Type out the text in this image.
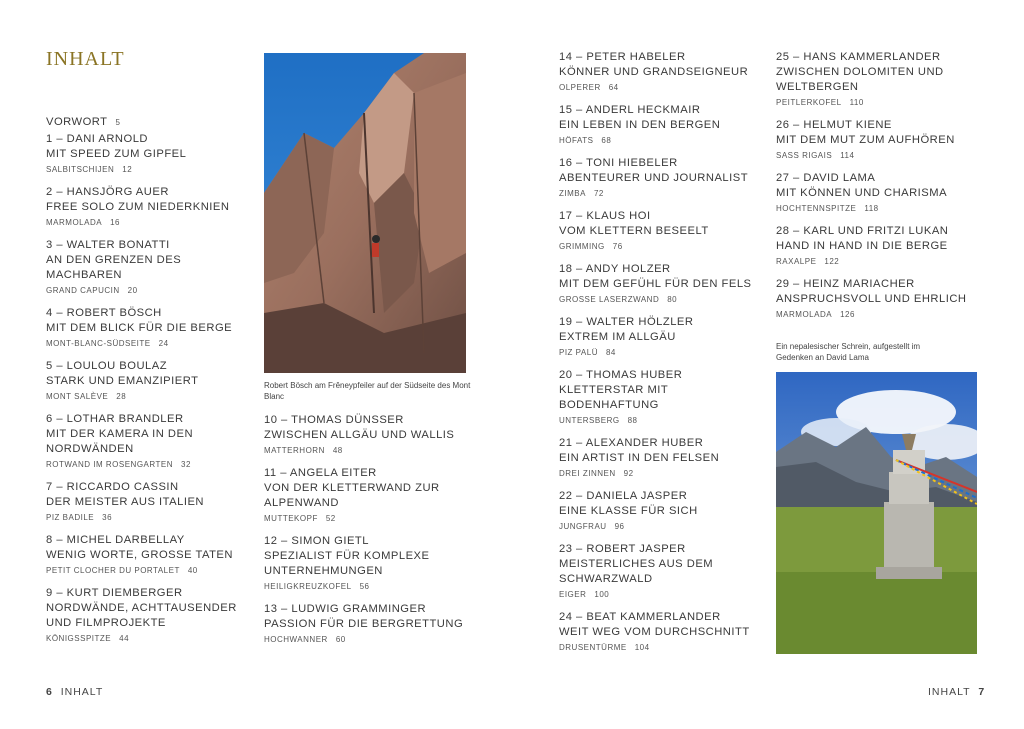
INHALT
VORWORT 5
1 – DANI ARNOLD
MIT SPEED ZUM GIPFEL
SALBITSCHIJEN 12
2 – HANSJÖRG AUER
FREE SOLO ZUM NIEDERKNIEN
MARMOLADA 16
3 – WALTER BONATTI
AN DEN GRENZEN DES MACHBAREN
GRAND CAPUCIN 20
4 – ROBERT BÖSCH
MIT DEM BLICK FÜR DIE BERGE
MONT-BLANC-SÜDSEITE 24
5 – LOULOU BOULAZ
STARK UND EMANZIPIERT
MONT SALÈVE 28
6 – LOTHAR BRANDLER
MIT DER KAMERA IN DEN NORDWÄNDEN
ROTWAND IM ROSENGARTEN 32
7 – RICCARDO CASSIN
DER MEISTER AUS ITALIEN
PIZ BADILE 36
8 – MICHEL DARBELLAY
WENIG WORTE, GROSSE TATEN
PETIT CLOCHER DU PORTALET 40
9 – KURT DIEMBERGER
NORDWÄNDE, ACHTTAUSENDER UND FILMPROJEKTE
KÖNIGSSPITZE 44
Robert Bösch am Frêneypfeiler auf der Südseite des Mont Blanc
10 – THOMAS DÜNSSER
ZWISCHEN ALLGÄU UND WALLIS
MATTERHORN 48
11 – ANGELA EITER
VON DER KLETTERWAND ZUR ALPENWAND
MUTTEKOPF 52
12 – SIMON GIETL
SPEZIALIST FÜR KOMPLEXE UNTERNEHMUNGEN
HEILIGKREUZKOFEL 56
13 – LUDWIG GRAMMINGER
PASSION FÜR DIE BERGRETTUNG
HOCHWANNER 60
14 – PETER HABELER
KÖNNER UND GRANDSEIGNEUR
OLPERER 64
15 – ANDERL HECKMAIR
EIN LEBEN IN DEN BERGEN
HÖFATS 68
16 – TONI HIEBELER
ABENTEURER UND JOURNALIST
ZIMBA 72
17 – KLAUS HOI
VOM KLETTERN BESEELT
GRIMMING 76
18 – ANDY HOLZER
MIT DEM GEFÜHL FÜR DEN FELS
GROSSE LASERZWAND 80
19 – WALTER HÖLZLER
EXTREM IM ALLGÄU
PIZ PALÜ 84
20 – THOMAS HUBER
KLETTERSTAR MIT BODENHAFTUNG
UNTERSBERG 88
21 – ALEXANDER HUBER
EIN ARTIST IN DEN FELSEN
DREI ZINNEN 92
22 – DANIELA JASPER
EINE KLASSE FÜR SICH
JUNGFRAU 96
23 – ROBERT JASPER
MEISTERLICHES AUS DEM SCHWARZWALD
EIGER 100
24 – BEAT KAMMERLANDER
WEIT WEG VOM DURCHSCHNITT
DRUSENTÜRME 104
25 – HANS KAMMERLANDER
ZWISCHEN DOLOMITEN UND WELTBERGEN
PEITLERKOFEL 110
26 – HELMUT KIENE
MIT DEM MUT ZUM AUFHÖREN
SASS RIGAIS 114
27 – DAVID LAMA
MIT KÖNNEN UND CHARISMA
HOCHTENNSPITZE 118
28 – KARL UND FRITZI LUKAN
HAND IN HAND IN DIE BERGE
RAXALPE 122
29 – HEINZ MARIACHER
ANSPRUCHSVOLL UND EHRLICH
MARMOLADA 126
Ein nepalesischer Schrein, aufgestellt im Gedenken an David Lama
6 INHALT	INHALT 7
